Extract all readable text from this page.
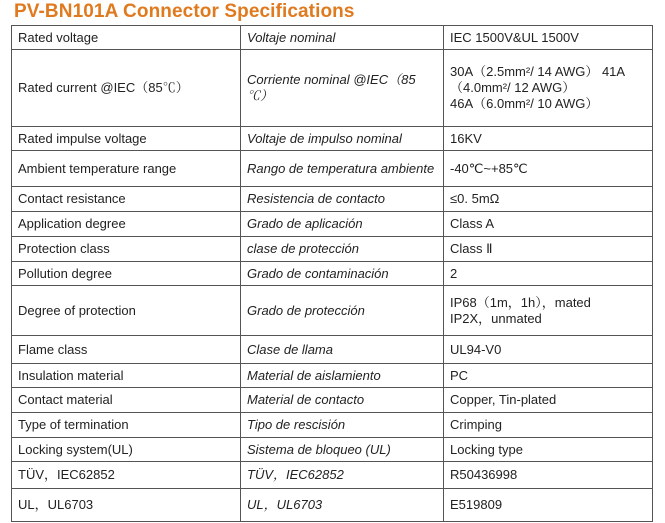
PV-BN101A Connector Specifications
Rated voltage	Voltaje nominal	IEC 1500V&UL 1500V

Rated current @IEC（85℃）	Corriente nominal @IEC（85 ℃）	30A（2.5mm²/ 14 AWG） 41A
（4.0mm²/ 12 AWG）
46A（6.0mm²/ 10 AWG）

Rated impulse voltage	Voltaje de impulso nominal	16KV

Ambient temperature range	Rango de temperatura ambiente	-40℃~+85℃

Contact resistance	Resistencia de contacto	≤0. 5mΩ

Application degree	Grado de aplicación	Class A

Protection class	clase de protección	Class Ⅱ

Pollution degree	Grado de contaminación	2

Degree of protection	Grado de protección	IP68（1m，1h），mated
IP2X，unmated

Flame class	Clase de llama	UL94-V0

Insulation material	Material de aislamiento	PC

Contact material	Material de contacto	Copper, Tin-plated

Type of termination	Tipo de rescisión	Crimping

Locking system(UL)	Sistema de bloqueo (UL)	Locking type

TÜV，IEC62852	TÜV，IEC62852	R50436998

UL，UL6703	UL，UL6703	E519809
